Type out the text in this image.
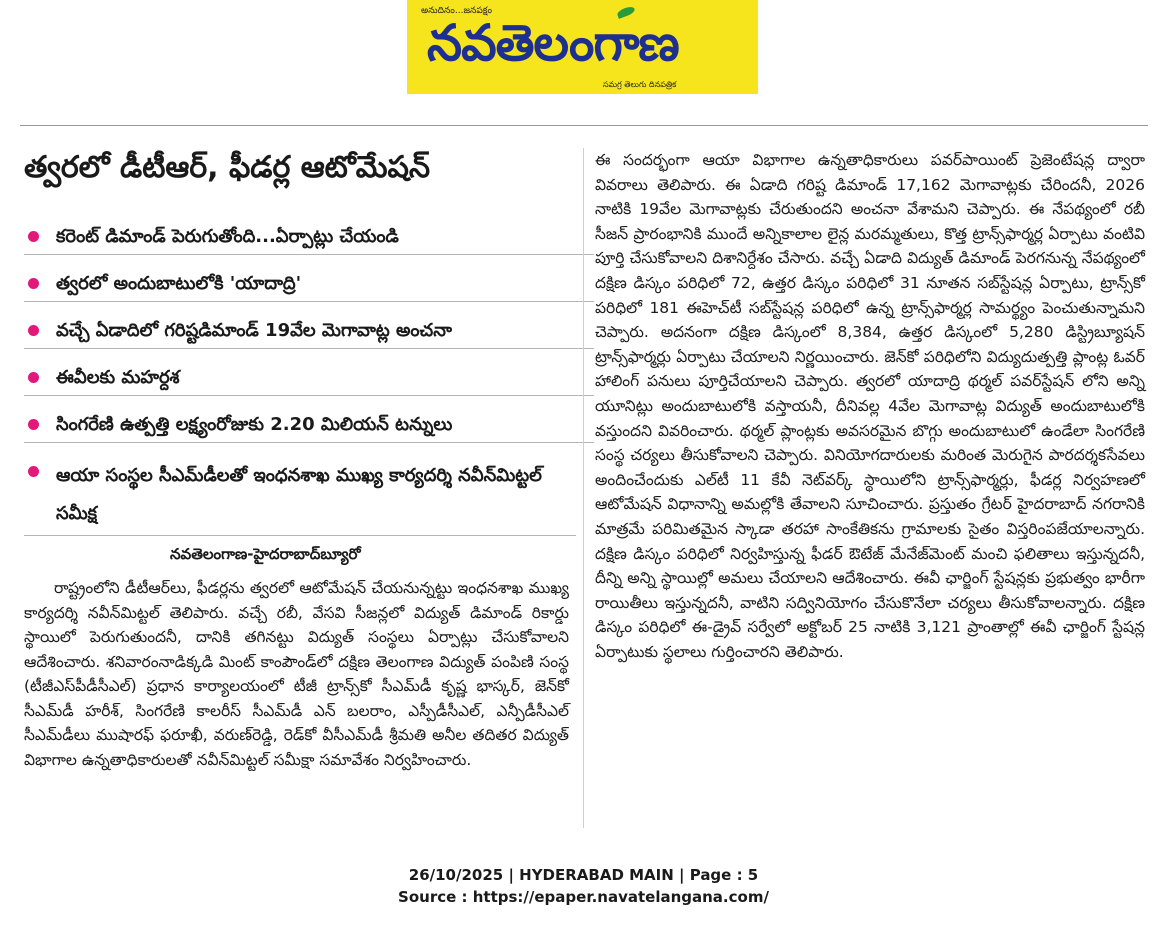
అనుదినం...జనపక్షం
నవతెలంగాణ
సమగ్ర తెలుగు దినపత్రిక
త్వరలో డీటీఆర్, ఫీడర్ల ఆటోమేషన్
కరెంట్ డిమాండ్ పెరుగుతోంది...ఏర్పాట్లు చేయండి
త్వరలో అందుబాటులోకి 'యాదాద్రి'
వచ్చే ఏడాదిలో గరిష్టడిమాండ్ 19వేల మెగావాట్ల అంచనా
ఈవీలకు మహర్దశ
సింగరేణి ఉత్పత్తి లక్ష్యంరోజుకు 2.20 మిలియన్ టన్నులు
ఆయా సంస్థల సీఎమ్‌డీలతో ఇంధనశాఖ ముఖ్య కార్యదర్శి నవీన్‌మిట్టల్ సమీక్ష
నవతెలంగాణ-హైదరాబాద్‌బ్యూరో

రాష్ట్రంలోని డీటీఆర్‌లు, ఫీడర్లను త్వరలో ఆటోమేషన్ చేయనున్నట్టు ఇంధనశాఖ ముఖ్య కార్యదర్శి నవీన్‌మిట్టల్ తెలిపారు. వచ్చే రబీ, వేసవి సీజన్లలో విద్యుత్ డిమాండ్ రికార్డు స్థాయిలో పెరుగుతుందనీ, దానికి తగినట్టు విద్యుత్ సంస్థలు ఏర్పాట్లు చేసుకోవాలని ఆదేశించారు. శనివారంనాడిక్కడి మింట్ కాంపౌండ్‌లో దక్షిణ తెలంగాణ విద్యుత్ పంపిణి సంస్థ (టీజీఎస్‌పీడీసీఎల్) ప్రధాన కార్యాలయంలో టీజీ ట్రాన్స్‌కో సీఎమ్‌డీ కృష్ణ భాస్కర్, జెన్‌కో సీఎమ్‌డీ హరీశ్, సింగరేణి కాలరీస్ సీఎమ్‌డీ ఎన్ బలరాం, ఎస్పీడీసీఎల్, ఎన్పీడీసీఎల్ సీఎమ్‌డీలు ముషారఫ్ ఫరూఖీ, వరుణ్‌రెడ్డి, రెడ్‌కో వీసీఎమ్‌డీ శ్రీమతి అనీల తదితర విద్యుత్ విభాగాల ఉన్నతాధికారులతో నవీన్‌మిట్టల్ సమీక్షా సమావేశం నిర్వహించారు.

ఈ సందర్భంగా ఆయా విభాగాల ఉన్నతాధికారులు పవర్‌పాయింట్ ప్రెజెంటేషన్ల ద్వారా వివరాలు తెలిపారు. ఈ ఏడాది గరిష్ట డిమాండ్ 17,162 మెగావాట్లకు చేరిందనీ, 2026 నాటికి 19వేల మెగావాట్లకు చేరుతుందని అంచనా వేశామని చెప్పారు. ఈ నేపథ్యంలో రబీ సీజన్ ప్రారంభానికి ముందే అన్నికాలాల లైన్ల మరమ్మతులు, కొత్త ట్రాన్స్‌ఫార్మర్ల ఏర్పాటు వంటివి పూర్తి చేసుకోవాలని దిశానిర్దేశం చేసారు. వచ్చే ఏడాది విద్యుత్ డిమాండ్ పెరగనున్న నేపథ్యంలో దక్షిణ డిస్కం పరిధిలో 72, ఉత్తర డిస్కం పరిధిలో 31 నూతన సబ్‌స్టేషన్ల ఏర్పాటు, ట్రాన్స్‌కో పరిధిలో 181 ఈహెచ్‌టీ సబ్‌స్టేషన్ల పరిధిలో ఉన్న ట్రాన్స్‌ఫార్మర్ల సామర్థ్యం పెంచుతున్నామని చెప్పారు. అదనంగా దక్షిణ డిస్కంలో 8,384, ఉత్తర డిస్కంలో 5,280 డిస్ట్రిబ్యూషన్ ట్రాన్స్‌ఫార్మర్లు ఏర్పాటు చేయాలని నిర్ణయించారు. జెన్‌కో పరిధిలోని విద్యుదుత్పత్తి ప్లాంట్ల ఓవర్ హాలింగ్ పనులు పూర్తిచేయాలని చెప్పారు. త్వరలో యాదాద్రి థర్మల్ పవర్‌స్టేషన్ లోని అన్ని యూనిట్లు అందుబాటులోకి వస్తాయనీ, దీనివల్ల 4వేల మెగావాట్ల విద్యుత్ అందుబాటులోకి వస్తుందని వివరించారు. థర్మల్ ప్లాంట్లకు అవసరమైన బొగ్గు అందుబాటులో ఉండేలా సింగరేణి సంస్థ చర్యలు తీసుకోవాలని చెప్పారు. వినియోగదారులకు మరింత మెరుగైన పారదర్శకసేవలు అందించేందుకు ఎల్‌టీ 11 కేవీ నెట్‌వర్క్ స్థాయిలోని ట్రాన్స్‌ఫార్మర్లు, ఫీడర్ల నిర్వహణలో ఆటోమేషన్ విధానాన్ని అమల్లోకి తేవాలని సూచించారు. ప్రస్తుతం గ్రేటర్ హైదరాబాద్ నగరానికి మాత్రమే పరిమితమైన స్కాడా తరహా సాంకేతికను గ్రామాలకు సైతం విస్తరింపజేయాలన్నారు. దక్షిణ డిస్కం పరిధిలో నిర్వహిస్తున్న ఫీడర్ ఔటేజ్ మేనేజ్‌మెంట్ మంచి ఫలితాలు ఇస్తున్నదనీ, దీన్ని అన్ని స్థాయిల్లో అమలు చేయాలని ఆదేశించారు. ఈవీ ఛార్జింగ్ స్టేషన్లకు ప్రభుత్వం భారీగా రాయితీలు ఇస్తున్నదనీ, వాటిని సద్వినియోగం చేసుకొనేలా చర్యలు తీసుకోవాలన్నారు. దక్షిణ డిస్కం పరిధిలో ఈ-డ్రైవ్ సర్వేలో అక్టోబర్ 25 నాటికి 3,121 ప్రాంతాల్లో ఈవీ ఛార్జింగ్ స్టేషన్ల ఏర్పాటుకు స్థలాలు గుర్తించారని తెలిపారు.

26/10/2025 | HYDERABAD MAIN | Page : 5
Source : https://epaper.navatelangana.com/
